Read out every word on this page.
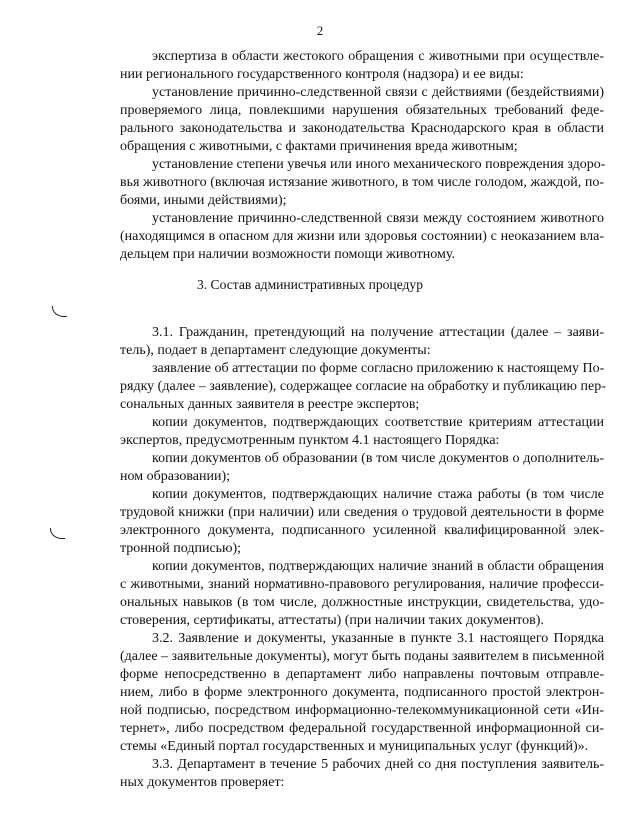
2
экспертиза в области жестокого обращения с животными при осуществле-
нии регионального государственного контроля (надзора) и ее виды:
установление причинно-следственной связи с действиями (бездействиями)
проверяемого лица, повлекшими нарушения обязательных требований феде-
рального законодательства и законодательства Краснодарского края в области
обращения с животными, с фактами причинения вреда животным;
установление степени увечья или иного механического повреждения здоро-
вья животного (включая истязание животного, в том числе голодом, жаждой, по-
боями, иными действиями);
установление причинно-следственной связи между состоянием животного
(находящимся в опасном для жизни или здоровья состоянии) с неоказанием вла-
дельцем при наличии возможности помощи животному.
3. Состав административных процедур
3.1. Гражданин, претендующий на получение аттестации (далее – заяви-
тель), подает в департамент следующие документы:
заявление об аттестации по форме согласно приложению к настоящему По-
рядку (далее – заявление), содержащее согласие на обработку и публикацию пер-
сональных данных заявителя в реестре экспертов;
копии документов, подтверждающих соответствие критериям аттестации
экспертов, предусмотренным пунктом 4.1 настоящего Порядка:
копии документов об образовании (в том числе документов о дополнитель-
ном образовании);
копии документов, подтверждающих наличие стажа работы (в том числе
трудовой книжки (при наличии) или сведения о трудовой деятельности в форме
электронного документа, подписанного усиленной квалифицированной элек-
тронной подписью);
копии документов, подтверждающих наличие знаний в области обращения
с животными, знаний нормативно-правового регулирования, наличие професси-
ональных навыков (в том числе, должностные инструкции, свидетельства, удо-
стоверения, сертификаты, аттестаты) (при наличии таких документов).
3.2. Заявление и документы, указанные в пункте 3.1 настоящего Порядка
(далее – заявительные документы), могут быть поданы заявителем в письменной
форме непосредственно в департамент либо направлены почтовым отправле-
нием, либо в форме электронного документа, подписанного простой электрон-
ной подписью, посредством информационно-телекоммуникационной сети «Ин-
тернет», либо посредством федеральной государственной информационной си-
стемы «Единый портал государственных и муниципальных услуг (функций)».
3.3. Департамент в течение 5 рабочих дней со дня поступления заявитель-
ных документов проверяет:
